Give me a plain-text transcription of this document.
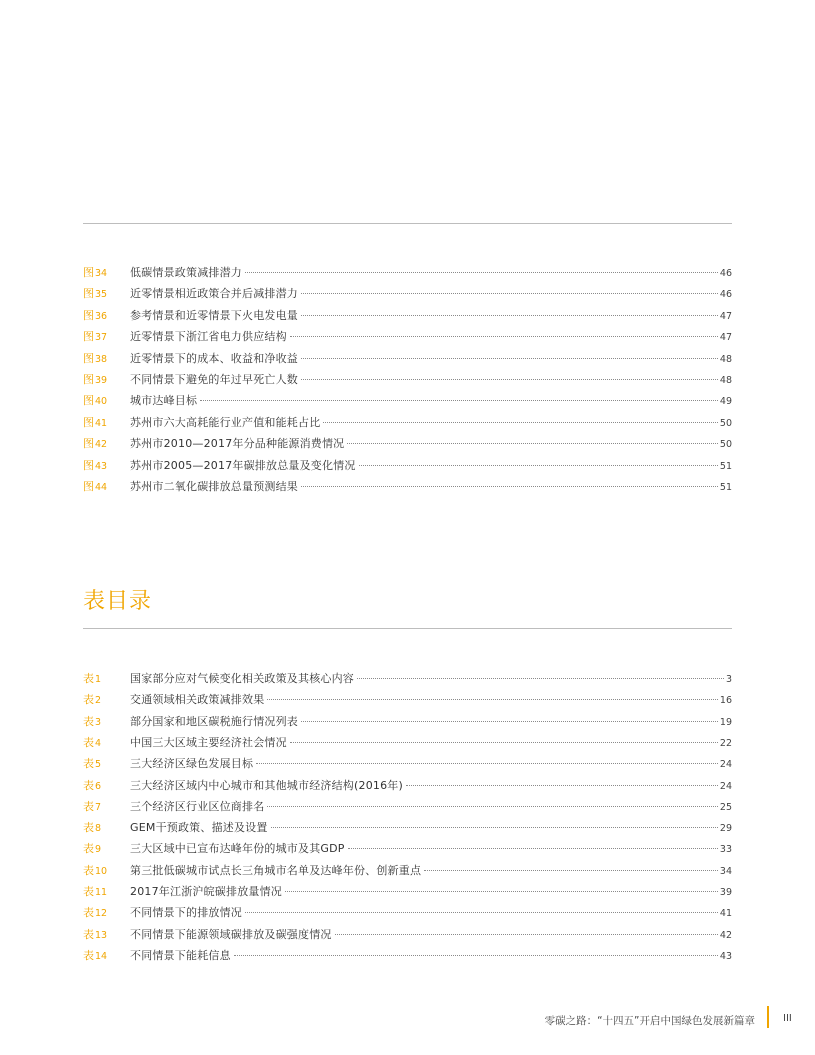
图34	低碳情景政策减排潜力	46
图35	近零情景相近政策合并后减排潜力	46
图36	参考情景和近零情景下火电发电量	47
图37	近零情景下浙江省电力供应结构	47
图38	近零情景下的成本、收益和净收益	48
图39	不同情景下避免的年过早死亡人数	48
图40	城市达峰目标	49
图41	苏州市六大高耗能行业产值和能耗占比	50
图42	苏州市2010—2017年分品种能源消费情况	50
图43	苏州市2005—2017年碳排放总量及变化情况	51
图44	苏州市二氧化碳排放总量预测结果	51
表目录
表1	国家部分应对气候变化相关政策及其核心内容	3
表2	交通领域相关政策减排效果	16
表3	部分国家和地区碳税施行情况列表	19
表4	中国三大区域主要经济社会情况	22
表5	三大经济区绿色发展目标	24
表6	三大经济区域内中心城市和其他城市经济结构(2016年)	24
表7	三个经济区行业区位商排名	25
表8	GEM干预政策、描述及设置	29
表9	三大区域中已宣布达峰年份的城市及其GDP	33
表10	第三批低碳城市试点长三角城市名单及达峰年份、创新重点	34
表11	2017年江浙沪皖碳排放量情况	39
表12	不同情景下的排放情况	41
表13	不同情景下能源领域碳排放及碳强度情况	42
表14	不同情景下能耗信息	43
零碳之路：“十四五”开启中国绿色发展新篇章	III
